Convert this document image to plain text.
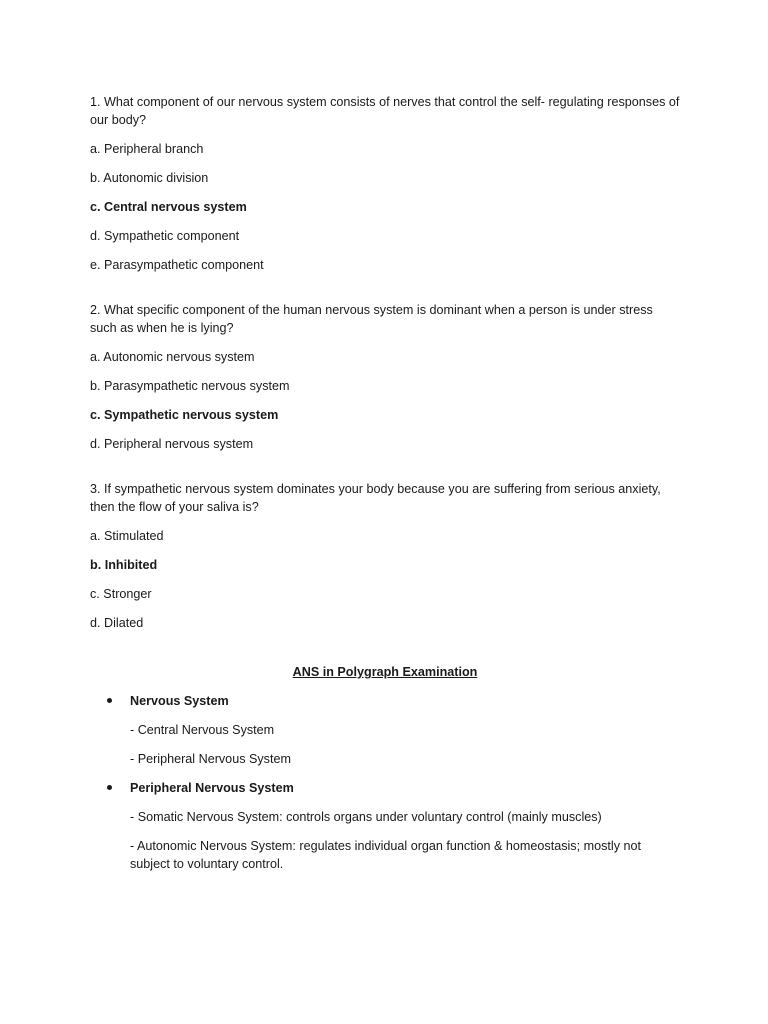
1. What component of our nervous system consists of nerves that control the self- regulating responses of our body?

a. Peripheral branch

b. Autonomic division

c. Central nervous system

d. Sympathetic component

e. Parasympathetic component

2. What specific component of the human nervous system is dominant when a person is under stress such as when he is lying?

a. Autonomic nervous system

b. Parasympathetic nervous system

c. Sympathetic nervous system

d. Peripheral nervous system

3. If sympathetic nervous system dominates your body because you are suffering from serious anxiety, then the flow of your saliva is?

a. Stimulated

b. Inhibited

c. Stronger

d. Dilated

ANS in Polygraph Examination

Nervous System

- Central Nervous System

- Peripheral Nervous System

Peripheral Nervous System

- Somatic Nervous System: controls organs under voluntary control (mainly muscles)

- Autonomic Nervous System: regulates individual organ function & homeostasis; mostly not subject to voluntary control.
